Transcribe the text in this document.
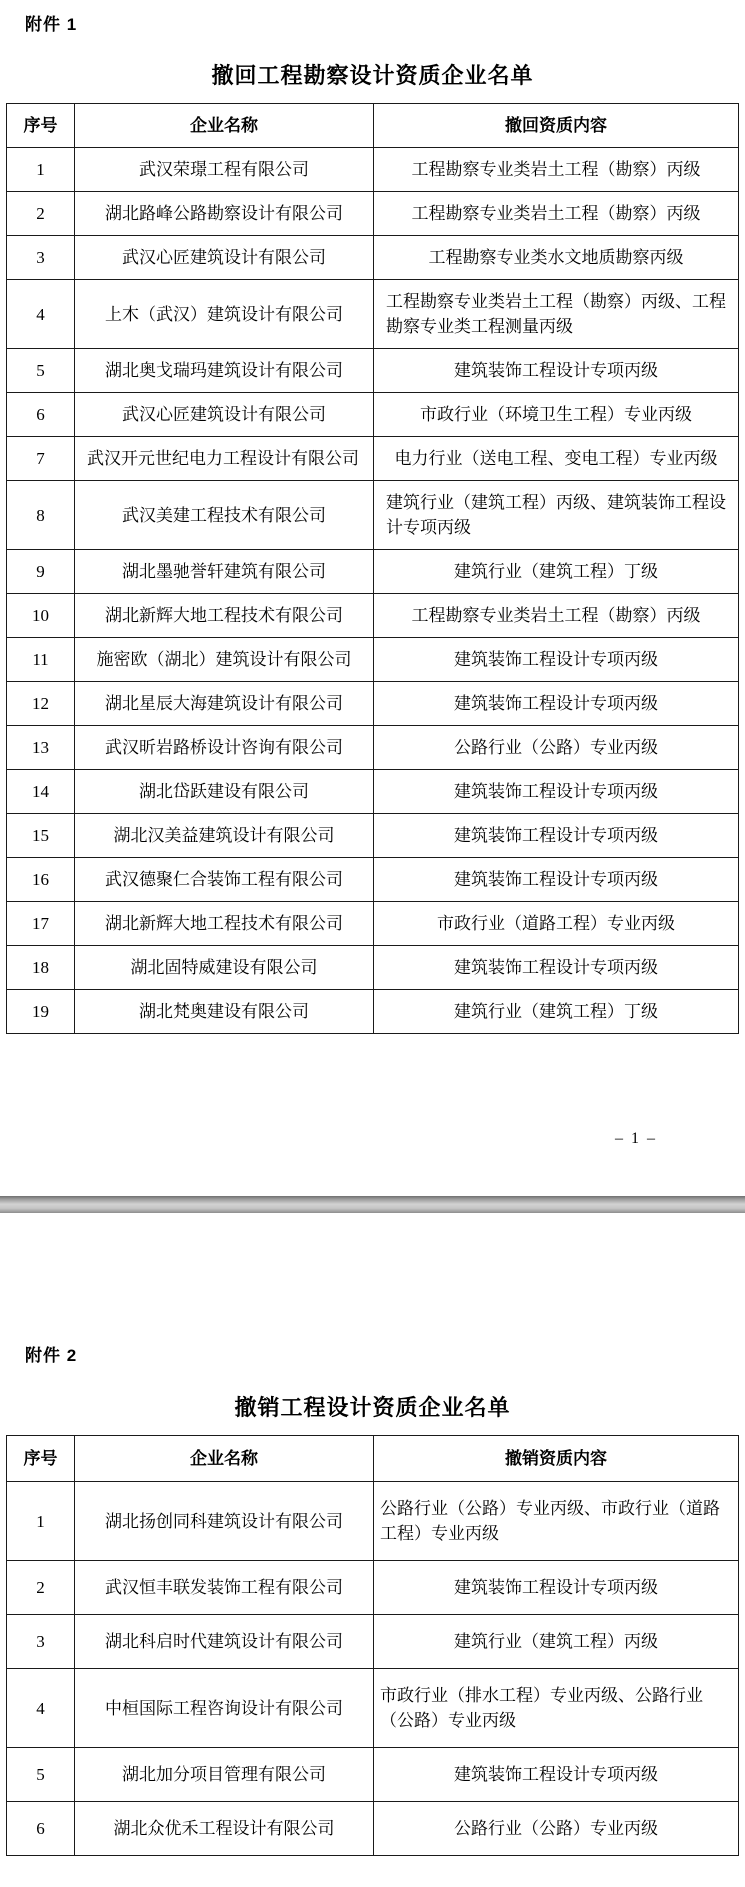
附件 1
撤回工程勘察设计资质企业名单
序号	企业名称	撤回资质内容
1	武汉荣璟工程有限公司	工程勘察专业类岩土工程（勘察）丙级
2	湖北路峰公路勘察设计有限公司	工程勘察专业类岩土工程（勘察）丙级
3	武汉心匠建筑设计有限公司	工程勘察专业类水文地质勘察丙级
4	上木（武汉）建筑设计有限公司	工程勘察专业类岩土工程（勘察）丙级、工程勘察专业类工程测量丙级
5	湖北奥戈瑞玛建筑设计有限公司	建筑装饰工程设计专项丙级
6	武汉心匠建筑设计有限公司	市政行业（环境卫生工程）专业丙级
7	武汉开元世纪电力工程设计有限公司	电力行业（送电工程、变电工程）专业丙级
8	武汉美建工程技术有限公司	建筑行业（建筑工程）丙级、建筑装饰工程设计专项丙级
9	湖北墨驰誉轩建筑有限公司	建筑行业（建筑工程）丁级
10	湖北新辉大地工程技术有限公司	工程勘察专业类岩土工程（勘察）丙级
11	施密欧（湖北）建筑设计有限公司	建筑装饰工程设计专项丙级
12	湖北星辰大海建筑设计有限公司	建筑装饰工程设计专项丙级
13	武汉昕岩路桥设计咨询有限公司	公路行业（公路）专业丙级
14	湖北岱跃建设有限公司	建筑装饰工程设计专项丙级
15	湖北汉美益建筑设计有限公司	建筑装饰工程设计专项丙级
16	武汉德聚仁合装饰工程有限公司	建筑装饰工程设计专项丙级
17	湖北新辉大地工程技术有限公司	市政行业（道路工程）专业丙级
18	湖北固特威建设有限公司	建筑装饰工程设计专项丙级
19	湖北梵奥建设有限公司	建筑行业（建筑工程）丁级
– 1 –
附件 2
撤销工程设计资质企业名单
序号	企业名称	撤销资质内容
1	湖北扬创同科建筑设计有限公司	公路行业（公路）专业丙级、市政行业（道路工程）专业丙级
2	武汉恒丰联发装饰工程有限公司	建筑装饰工程设计专项丙级
3	湖北科启时代建筑设计有限公司	建筑行业（建筑工程）丙级
4	中桓国际工程咨询设计有限公司	市政行业（排水工程）专业丙级、公路行业（公路）专业丙级
5	湖北加分项目管理有限公司	建筑装饰工程设计专项丙级
6	湖北众优禾工程设计有限公司	公路行业（公路）专业丙级
